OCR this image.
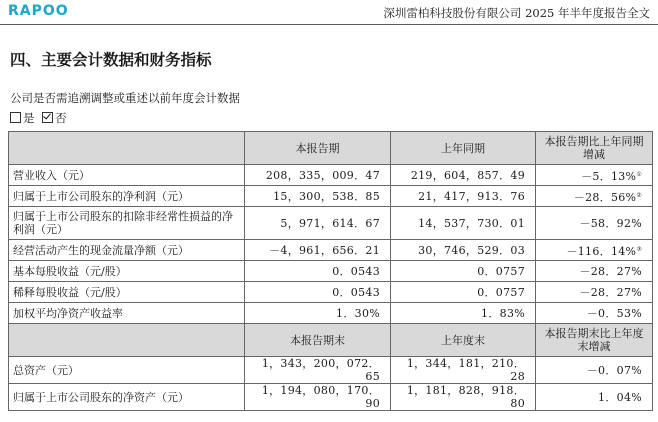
RAPOO	深圳雷柏科技股份有限公司 2025 年半年度报告全文
四、主要会计数据和财务指标
公司是否需追溯调整或重述以前年度会计数据
是 否
	本报告期	上年同期	本报告期比上年同期增减
营业收入（元）	208，335，009．47	219，604，857．49	－5．13%①
归属于上市公司股东的净利润（元）	15，300，538．85	21，417，913．76	－28．56%②
归属于上市公司股东的扣除非经常性损益的净利润（元）	5，971，614．67	14，537，730．01	－58．92%
经营活动产生的现金流量净额（元）	－4，961，656．21	30，746，529．03	－116．14%③
基本每股收益（元/股）	0．0543	0．0757	－28．27%
稀释每股收益（元/股）	0．0543	0．0757	－28．27%
加权平均净资产收益率	1．30%	1．83%	－0．53%
	本报告期末	上年度末	本报告期末比上年度末增减
总资产（元）	1，343，200，072．65	1，344，181，210．28	－0．07%
归属于上市公司股东的净资产（元）	1，194，080，170．90	1，181，828，918．80	1．04%
